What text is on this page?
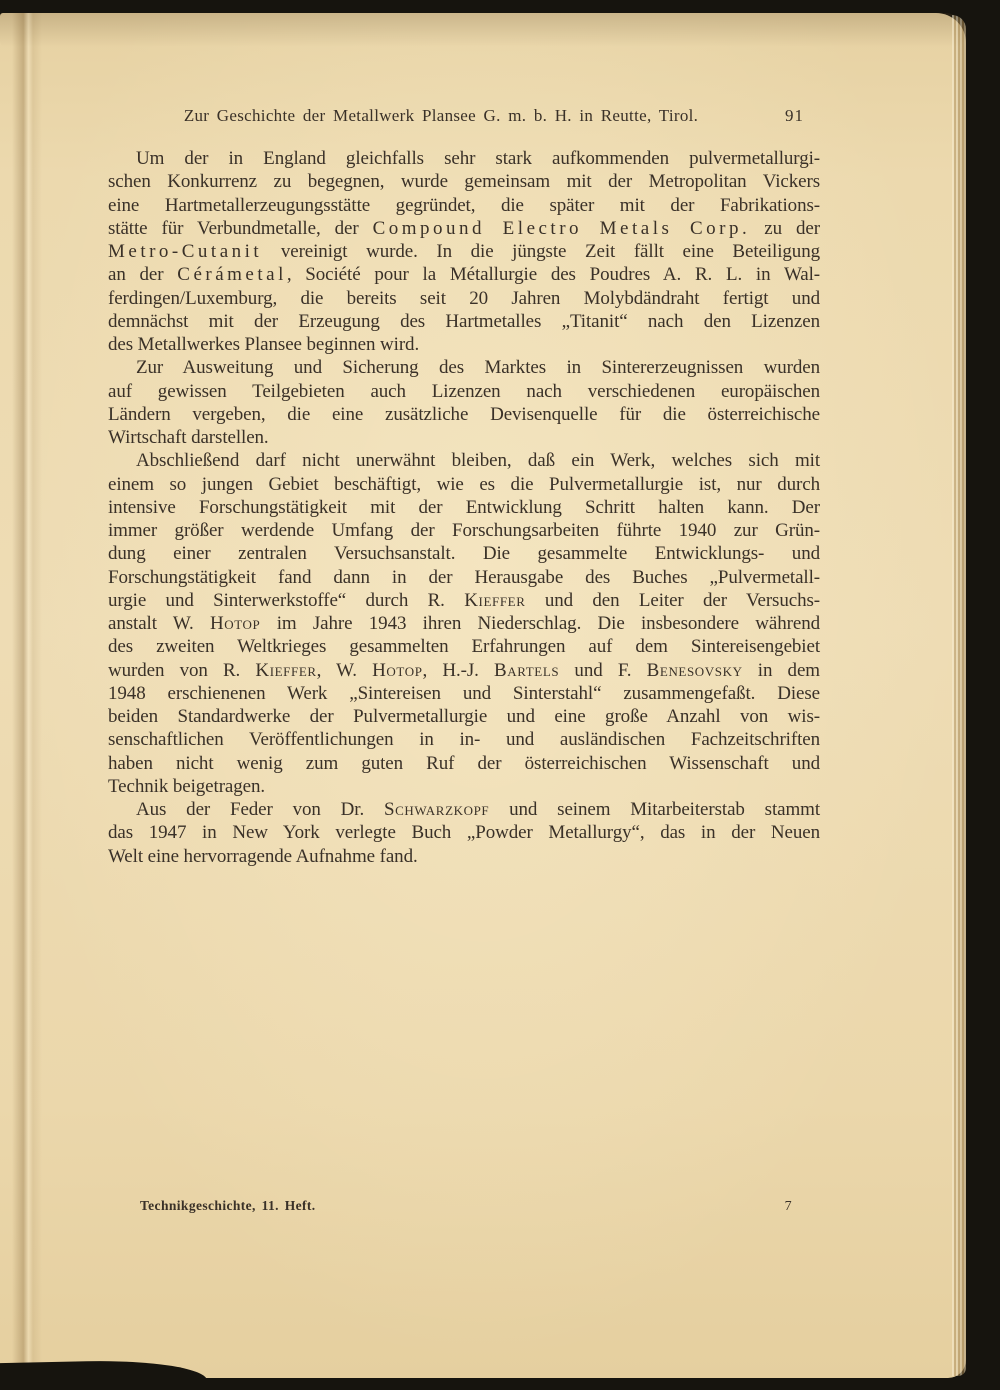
Zur Geschichte der Metallwerk Plansee G. m. b. H. in Reutte, Tirol.	91
Um der in England gleichfalls sehr stark aufkommenden pulvermetallurgi-
schen Konkurrenz zu begegnen, wurde gemeinsam mit der Metropolitan Vickers
eine Hartmetallerzeugungsstätte gegründet, die später mit der Fabrikations-
stätte für Verbundmetalle, der Compound Electro Metals Corp. zu der
Metro-Cutanit vereinigt wurde. In die jüngste Zeit fällt eine Beteiligung
an der Cérámetal, Société pour la Métallurgie des Poudres A. R. L. in Wal-
ferdingen/Luxemburg, die bereits seit 20 Jahren Molybdändraht fertigt und
demnächst mit der Erzeugung des Hartmetalles „Titanit“ nach den Lizenzen
des Metallwerkes Plansee beginnen wird.
Zur Ausweitung und Sicherung des Marktes in Sintererzeugnissen wurden
auf gewissen Teilgebieten auch Lizenzen nach verschiedenen europäischen
Ländern vergeben, die eine zusätzliche Devisenquelle für die österreichische
Wirtschaft darstellen.
Abschließend darf nicht unerwähnt bleiben, daß ein Werk, welches sich mit
einem so jungen Gebiet beschäftigt, wie es die Pulvermetallurgie ist, nur durch
intensive Forschungstätigkeit mit der Entwicklung Schritt halten kann. Der
immer größer werdende Umfang der Forschungsarbeiten führte 1940 zur Grün-
dung einer zentralen Versuchsanstalt. Die gesammelte Entwicklungs- und
Forschungstätigkeit fand dann in der Herausgabe des Buches „Pulvermetall-
urgie und Sinterwerkstoffe“ durch R. Kieffer und den Leiter der Versuchs-
anstalt W. Hotop im Jahre 1943 ihren Niederschlag. Die insbesondere während
des zweiten Weltkrieges gesammelten Erfahrungen auf dem Sintereisengebiet
wurden von R. Kieffer, W. Hotop, H.-J. Bartels und F. Benesovsky in dem
1948 erschienenen Werk „Sintereisen und Sinterstahl“ zusammengefaßt. Diese
beiden Standardwerke der Pulvermetallurgie und eine große Anzahl von wis-
senschaftlichen Veröffentlichungen in in- und ausländischen Fachzeitschriften
haben nicht wenig zum guten Ruf der österreichischen Wissenschaft und
Technik beigetragen.
Aus der Feder von Dr. Schwarzkopf und seinem Mitarbeiterstab stammt
das 1947 in New York verlegte Buch „Powder Metallurgy“, das in der Neuen
Welt eine hervorragende Aufnahme fand.
Technikgeschichte, 11. Heft.	7
